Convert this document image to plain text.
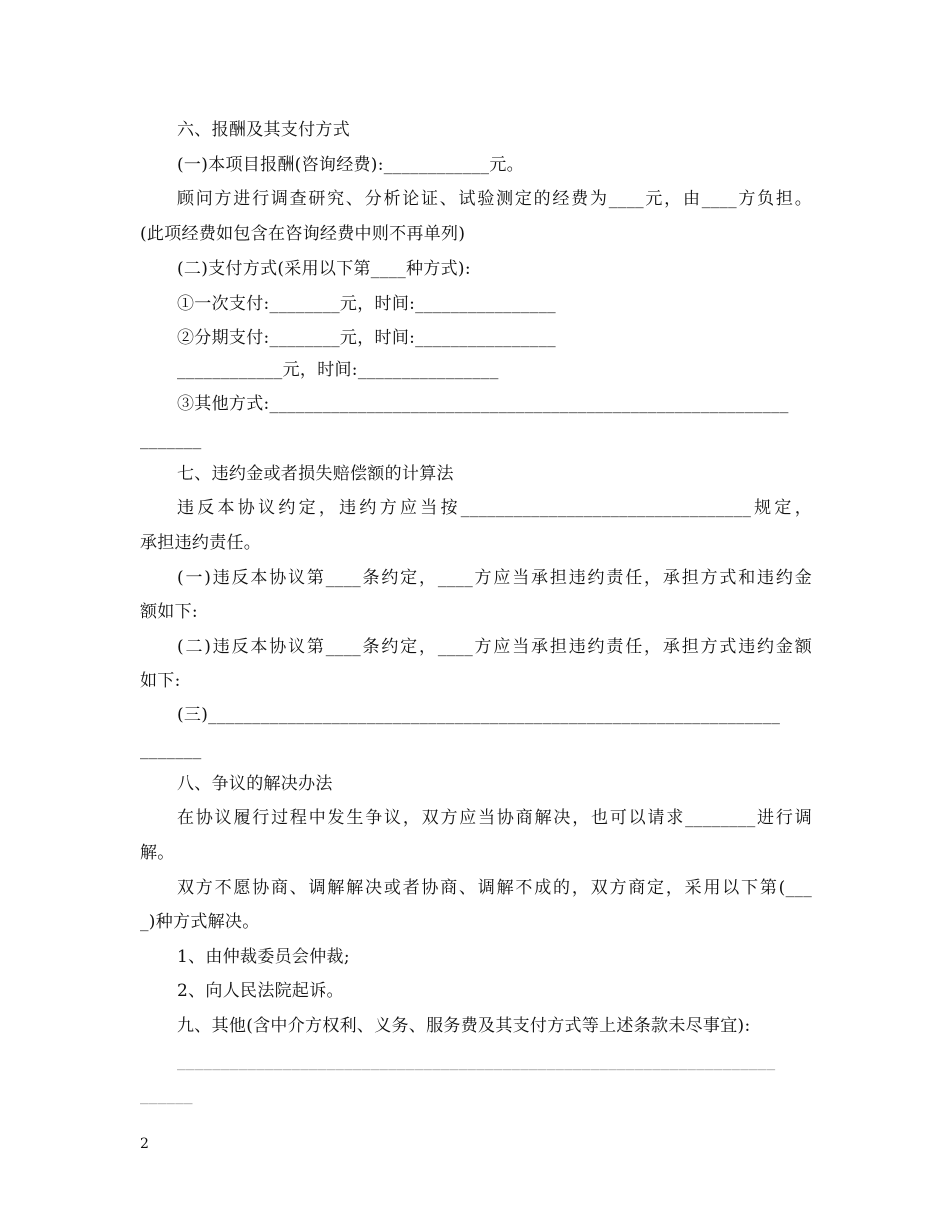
六、报酬及其支付方式
(一)本项目报酬(咨询经费):____________元。
顾问方进行调查研究、分析论证、试验测定的经费为____元，由____方负担。
(此项经费如包含在咨询经费中则不再单列)
(二)支付方式(采用以下第____种方式):
①一次支付:________元，时间:________________
②分期支付:________元，时间:________________
____________元，时间:________________
③其他方式:___________________________________________________________
_______
七、违约金或者损失赔偿额的计算法
违反本协议约定，违约方应当按_________________________________规定，
承担违约责任。
(一)违反本协议第____条约定，____方应当承担违约责任，承担方式和违约金
额如下:
(二)违反本协议第____条约定，____方应当承担违约责任，承担方式违约金额
如下:
(三)_________________________________________________________________
_______
八、争议的解决办法
在协议履行过程中发生争议，双方应当协商解决，也可以请求________进行调
解。
双方不愿协商、调解解决或者协商、调解不成的，双方商定，采用以下第(___
_)种方式解决。
1、由仲裁委员会仲裁;
2、向人民法院起诉。
九、其他(含中介方权利、义务、服务费及其支付方式等上述条款未尽事宜):
____________________________________________________________________
______
2
